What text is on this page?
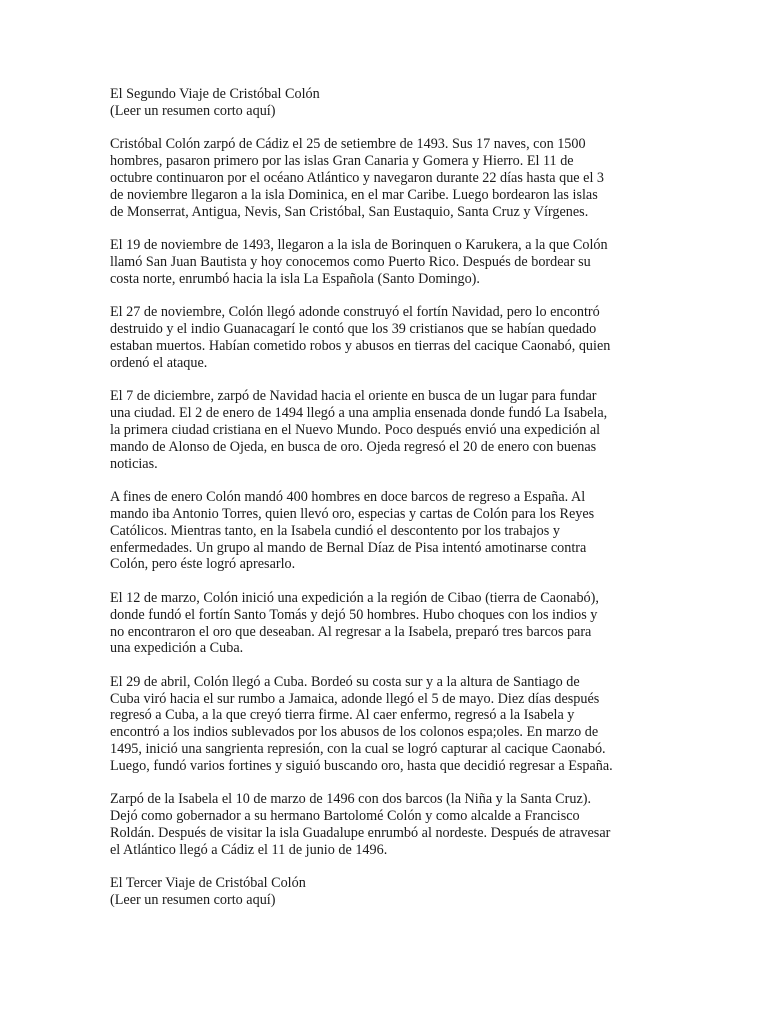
El Segundo Viaje de Cristóbal Colón
(Leer un resumen corto aquí)
Cristóbal Colón zarpó de Cádiz el 25 de setiembre de 1493. Sus 17 naves, con 1500
hombres, pasaron primero por las islas Gran Canaria y Gomera y Hierro. El 11 de
octubre continuaron por el océano Atlántico y navegaron durante 22 días hasta que el 3
de noviembre llegaron a la isla Dominica, en el mar Caribe. Luego bordearon las islas
de Monserrat, Antigua, Nevis, San Cristóbal, San Eustaquio, Santa Cruz y Vírgenes.
El 19 de noviembre de 1493, llegaron a la isla de Borinquen o Karukera, a la que Colón
llamó San Juan Bautista y hoy conocemos como Puerto Rico. Después de bordear su
costa norte, enrumbó hacia la isla La Española (Santo Domingo).
El 27 de noviembre, Colón llegó adonde construyó el fortín Navidad, pero lo encontró
destruido y el indio Guanacagarí le contó que los 39 cristianos que se habían quedado
estaban muertos. Habían cometido robos y abusos en tierras del cacique Caonabó, quien
ordenó el ataque.
El 7 de diciembre, zarpó de Navidad hacia el oriente en busca de un lugar para fundar
una ciudad. El 2 de enero de 1494 llegó a una amplia ensenada donde fundó La Isabela,
la primera ciudad cristiana en el Nuevo Mundo. Poco después envió una expedición al
mando de Alonso de Ojeda, en busca de oro. Ojeda regresó el 20 de enero con buenas
noticias.
A fines de enero Colón mandó 400 hombres en doce barcos de regreso a España. Al
mando iba Antonio Torres, quien llevó oro, especias y cartas de Colón para los Reyes
Católicos. Mientras tanto, en la Isabela cundió el descontento por los trabajos y
enfermedades. Un grupo al mando de Bernal Díaz de Pisa intentó amotinarse contra
Colón, pero éste logró apresarlo.
El 12 de marzo, Colón inició una expedición a la región de Cibao (tierra de Caonabó),
donde fundó el fortín Santo Tomás y dejó 50 hombres. Hubo choques con los indios y
no encontraron el oro que deseaban. Al regresar a la Isabela, preparó tres barcos para
una expedición a Cuba.
El 29 de abril, Colón llegó a Cuba. Bordeó su costa sur y a la altura de Santiago de
Cuba viró hacia el sur rumbo a Jamaica, adonde llegó el 5 de mayo. Diez días después
regresó a Cuba, a la que creyó tierra firme. Al caer enfermo, regresó a la Isabela y
encontró a los indios sublevados por los abusos de los colonos espa;oles. En marzo de
1495, inició una sangrienta represión, con la cual se logró capturar al cacique Caonabó.
Luego, fundó varios fortines y siguió buscando oro, hasta que decidió regresar a España.
Zarpó de la Isabela el 10 de marzo de 1496 con dos barcos (la Niña y la Santa Cruz).
Dejó como gobernador a su hermano Bartolomé Colón y como alcalde a Francisco
Roldán. Después de visitar la isla Guadalupe enrumbó al nordeste. Después de atravesar
el Atlántico llegó a Cádiz el 11 de junio de 1496.
El Tercer Viaje de Cristóbal Colón
(Leer un resumen corto aquí)
